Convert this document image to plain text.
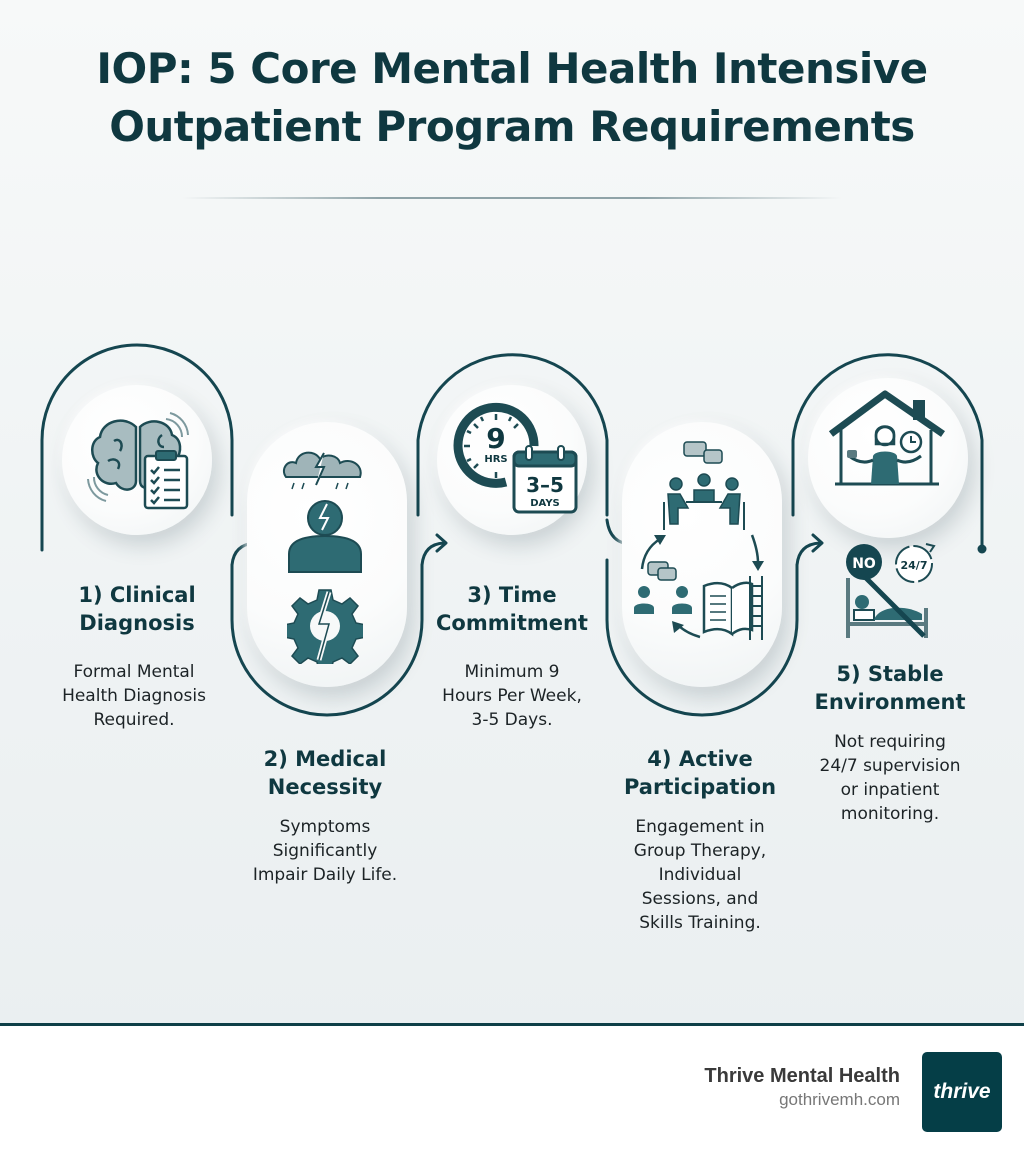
IOP: 5 Core Mental Health Intensive
Outpatient Program Requirements
1) Clinical
Diagnosis
Formal Mental
Health Diagnosis
Required.
2) Medical
Necessity
Symptoms
Significantly
Impair Daily Life.
9
HRS
3–5
DAYS
3) Time
Commitment
Minimum 9
Hours Per Week,
3-5 Days.
4) Active
Participation
Engagement in
Group Therapy,
Individual
Sessions, and
Skills Training.
NO 24/7
5) Stable
Environment
Not requiring
24/7 supervision
or inpatient
monitoring.
Thrive Mental Health
gothrivemh.com thrive
